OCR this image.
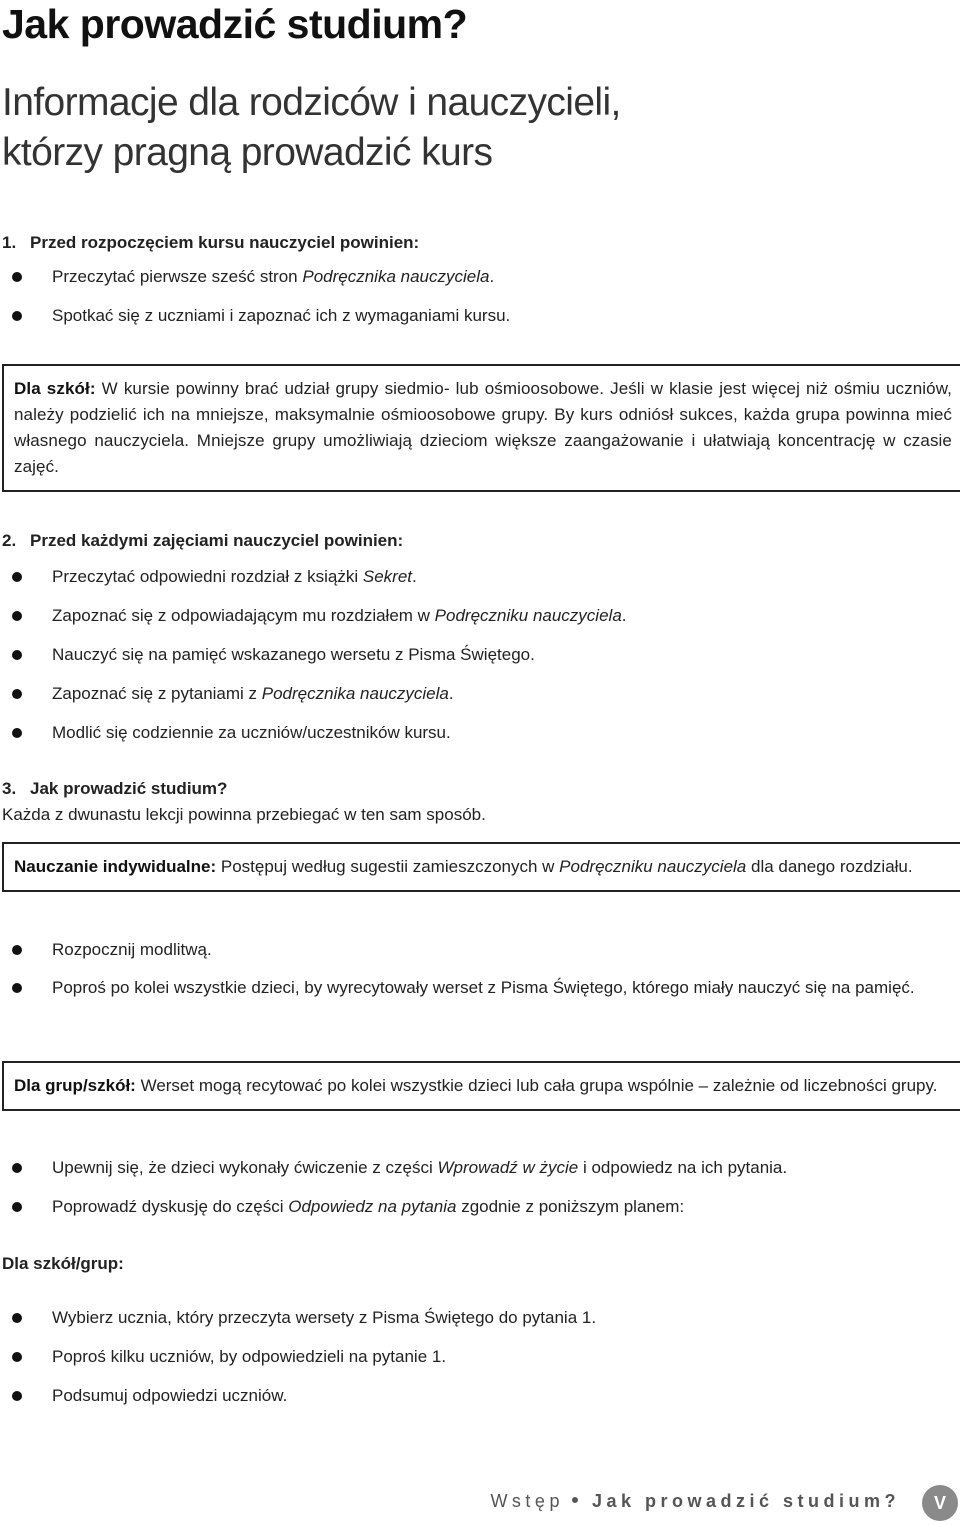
Jak prowadzić studium?
Informacje dla rodziców i nauczycieli,
którzy pragną prowadzić kurs
1. Przed rozpoczęciem kursu nauczyciel powinien:
Przeczytać pierwsze sześć stron Podręcznika nauczyciela.
Spotkać się z uczniami i zapoznać ich z wymaganiami kursu.
Dla szkół: W kursie powinny brać udział grupy siedmio- lub ośmioosobowe. Jeśli w klasie jest więcej niż ośmiu uczniów, należy podzielić ich na mniejsze, maksymalnie ośmioosobowe grupy. By kurs odniósł sukces, każda grupa powinna mieć własnego nauczyciela. Mniejsze grupy umożliwiają dzieciom większe zaangażowanie i ułatwiają koncentrację w czasie zajęć.
2. Przed każdymi zajęciami nauczyciel powinien:
Przeczytać odpowiedni rozdział z książki Sekret.
Zapoznać się z odpowiadającym mu rozdziałem w Podręczniku nauczyciela.
Nauczyć się na pamięć wskazanego wersetu z Pisma Świętego.
Zapoznać się z pytaniami z Podręcznika nauczyciela.
Modlić się codziennie za uczniów/uczestników kursu.
3. Jak prowadzić studium?
Każda z dwunastu lekcji powinna przebiegać w ten sam sposób.
Nauczanie indywidualne: Postępuj według sugestii zamieszczonych w Podręczniku nauczyciela dla danego rozdziału.
Rozpocznij modlitwą.
Poproś po kolei wszystkie dzieci, by wyrecytowały werset z Pisma Świętego, którego miały nauczyć się na pamięć.
Dla grup/szkół: Werset mogą recytować po kolei wszystkie dzieci lub cała grupa wspólnie – zależnie od liczebności grupy.
Upewnij się, że dzieci wykonały ćwiczenie z części Wprowadź w życie i odpowiedz na ich pytania.
Poprowadź dyskusję do części Odpowiedz na pytania zgodnie z poniższym planem:
Dla szkół/grup:
Wybierz ucznia, który przeczyta wersety z Pisma Świętego do pytania 1.
Poproś kilku uczniów, by odpowiedzieli na pytanie 1.
Podsumuj odpowiedzi uczniów.
Wstęp Jak prowadzić studium?	V
